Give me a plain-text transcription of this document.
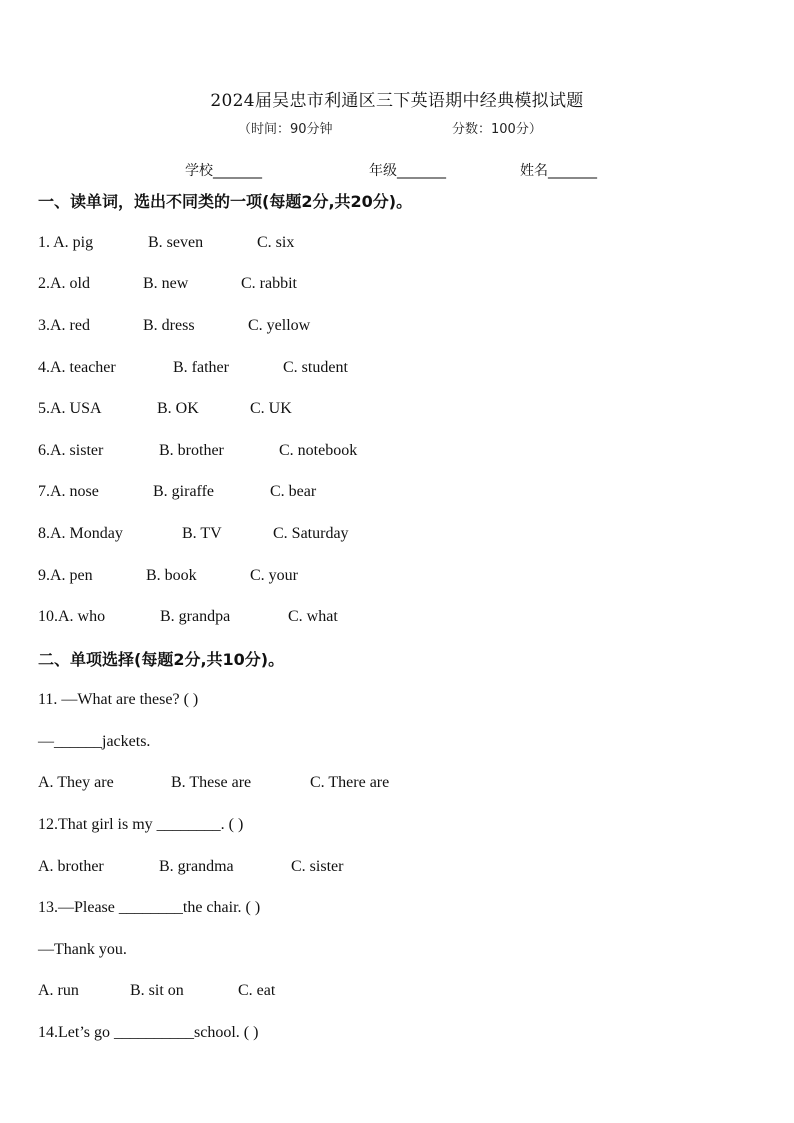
2024届吴忠市利通区三下英语期中经典模拟试题
（时间：90分钟	分数：100分）
学校_______	年级_______	姓名_______
一、读单词，选出不同类的一项(每题2分,共20分)。
1. A. pig	B. seven	C. six
2.A. old	B. new	C. rabbit
3.A. red	B. dress	C. yellow
4.A. teacher	B. father	C. student
5.A. USA	B. OK	C. UK
6.A. sister	B. brother	C. notebook
7.A. nose	B. giraffe	C. bear
8.A. Monday	B. TV	C. Saturday
9.A. pen	B. book	C. your
10.A. who	B. grandpa	C. what
二、单项选择(每题2分,共10分)。
11. —What are these? ( )
—______jackets.
A. They are	B. These are	C. There are
12.That girl is my ________. ( )
A. brother	B. grandma	C. sister
13.—Please ________the chair. ( )
—Thank you.
A. run	B. sit on	C. eat
14.Let’s go __________school. ( )
